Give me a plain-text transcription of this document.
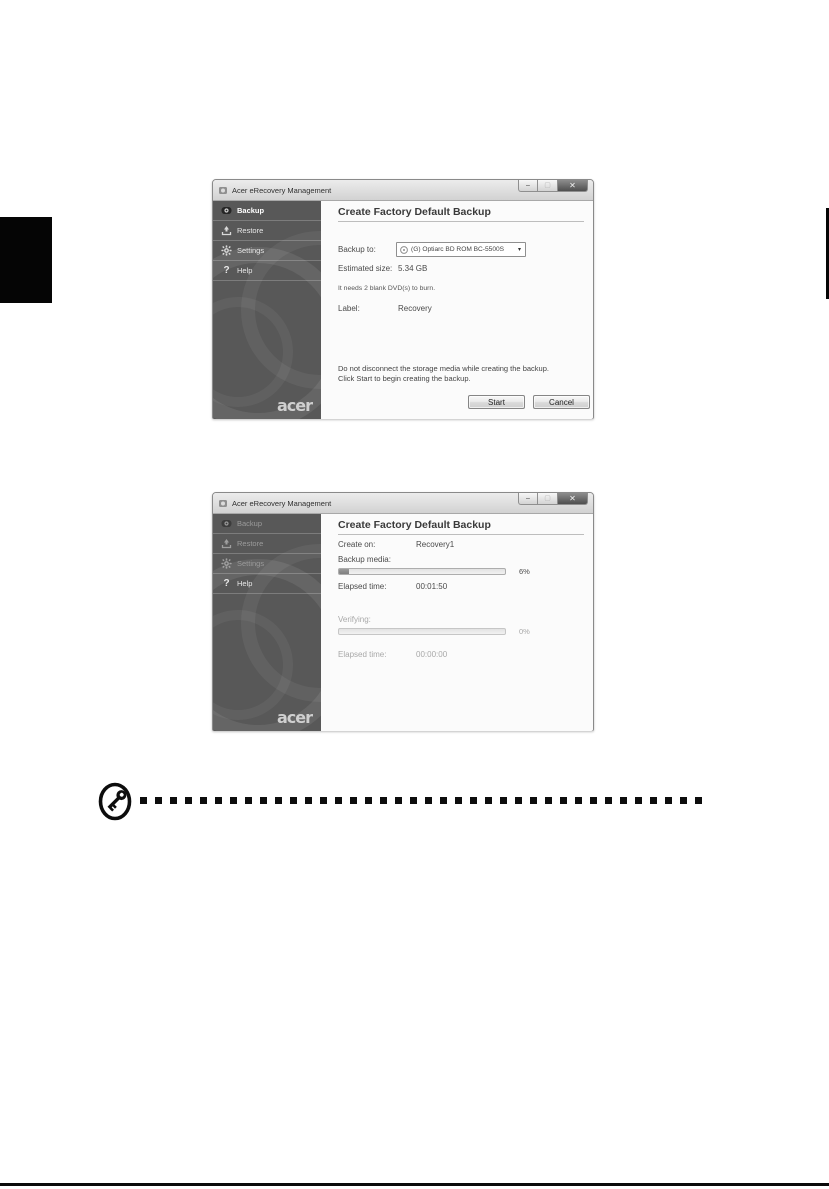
Acer eRecovery Management	–	▢	✕
Backup
Restore
Settings
? Help
acer
Create Factory Default Backup
Backup to:	(G) Optiarc BD ROM BC-5500S	▾
Estimated size: 5.34 GB
It needs 2 blank DVD(s) to burn.
Label:	Recovery
Do not disconnect the storage media while creating the backup.
Click Start to begin creating the backup.
Start	Cancel
Acer eRecovery Management	–	▢	✕
Backup
Restore
Settings
? Help
acer
Create Factory Default Backup
Create on:	Recovery1
Backup media:
6%
Elapsed time:	00:01:50
Verifying:
0%
Elapsed time:	00:00:00
